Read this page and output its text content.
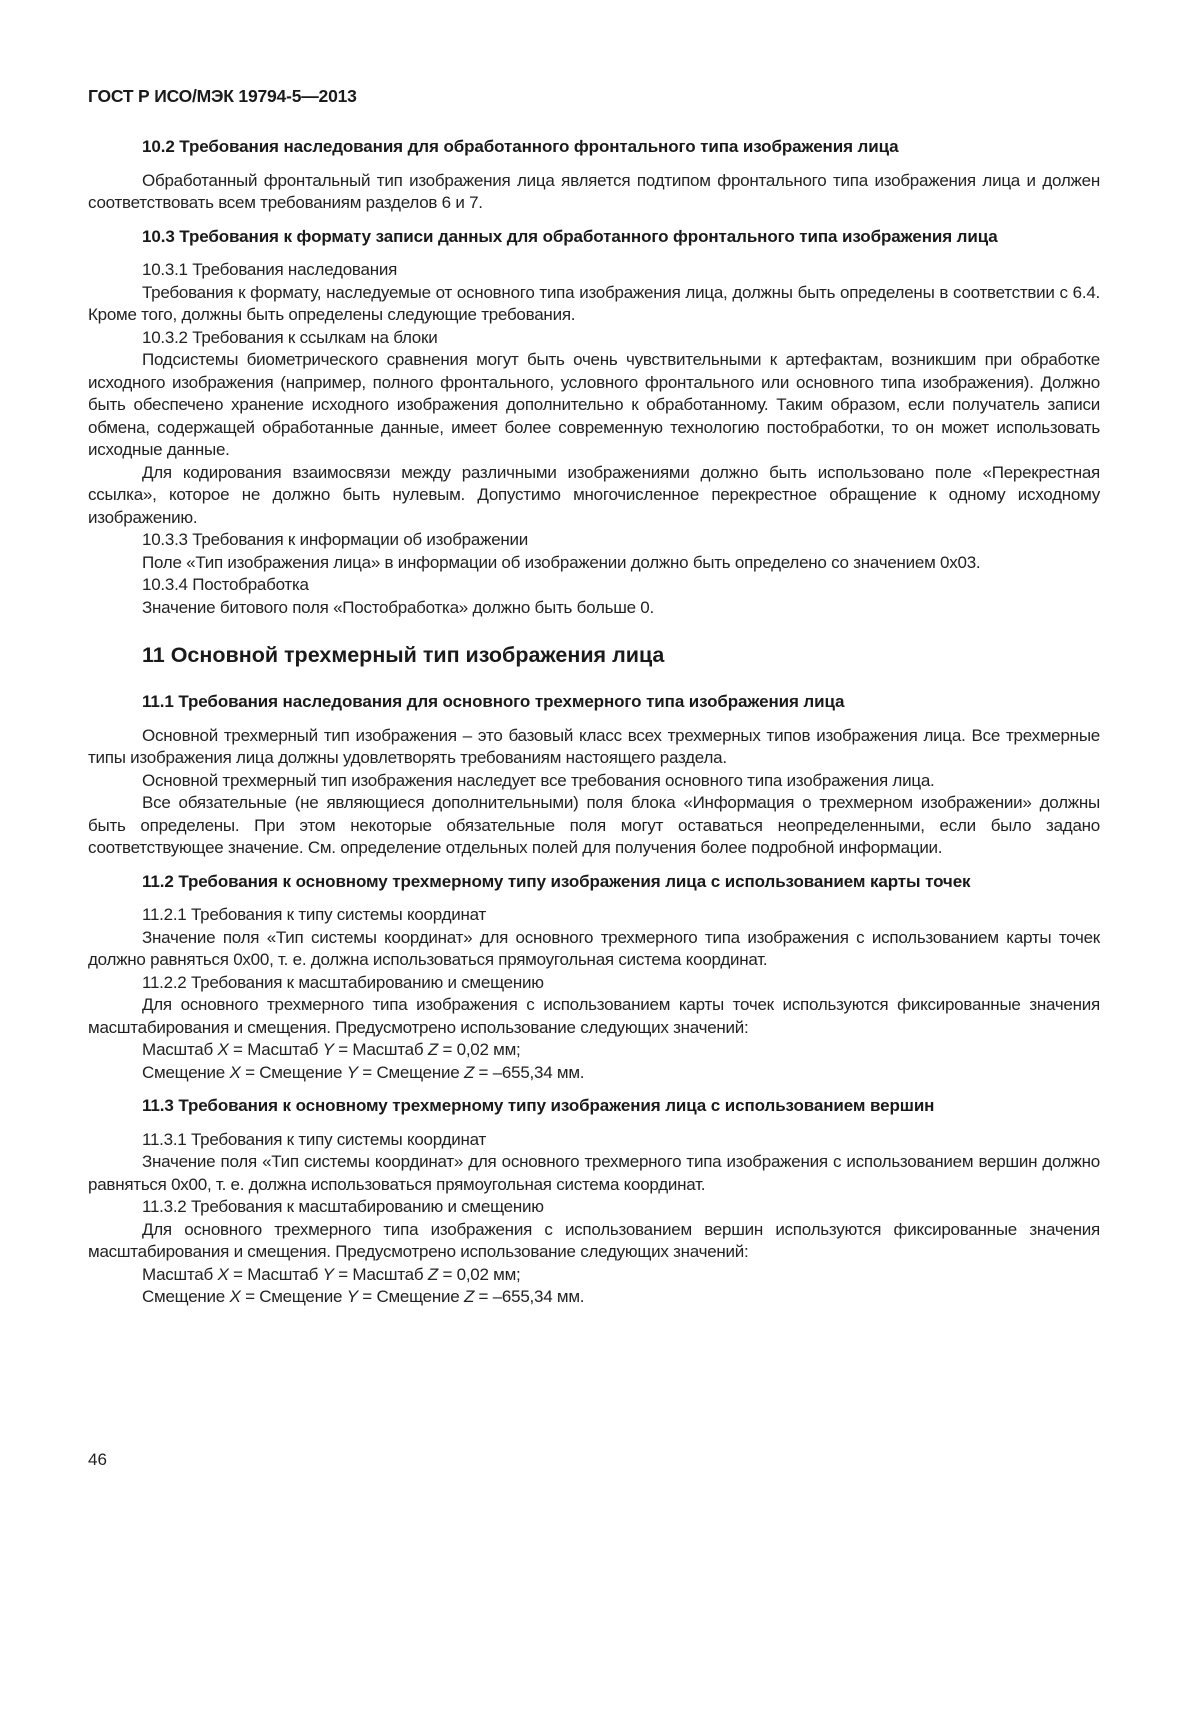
ГОСТ Р ИСО/МЭК 19794-5—2013
10.2 Требования наследования для обработанного фронтального типа изображения лица

Обработанный фронтальный тип изображения лица является подтипом фронтального типа изображения лица и должен соответствовать всем требованиям разделов 6 и 7.

10.3 Требования к формату записи данных для обработанного фронтального типа изображения лица

10.3.1 Требования наследования

Требования к формату, наследуемые от основного типа изображения лица, должны быть определены в соответствии с 6.4. Кроме того, должны быть определены следующие требования.

10.3.2 Требования к ссылкам на блоки

Подсистемы биометрического сравнения могут быть очень чувствительными к артефактам, возникшим при обработке исходного изображения (например, полного фронтального, условного фронтального или основного типа изображения). Должно быть обеспечено хранение исходного изображения дополнительно к обработанному. Таким образом, если получатель записи обмена, содержащей обработанные данные, имеет более современную технологию постобработки, то он может использовать исходные данные.

Для кодирования взаимосвязи между различными изображениями должно быть использовано поле «Перекрестная ссылка», которое не должно быть нулевым. Допустимо многочисленное перекрестное обращение к одному исходному изображению.

10.3.3 Требования к информации об изображении

Поле «Тип изображения лица» в информации об изображении должно быть определено со значением 0x03.

10.3.4 Постобработка

Значение битового поля «Постобработка» должно быть больше 0.

11 Основной трехмерный тип изображения лица
11.1 Требования наследования для основного трехмерного типа изображения лица

Основной трехмерный тип изображения – это базовый класс всех трехмерных типов изображения лица. Все трехмерные типы изображения лица должны удовлетворять требованиям настоящего раздела.

Основной трехмерный тип изображения наследует все требования основного типа изображения лица.

Все обязательные (не являющиеся дополнительными) поля блока «Информация о трехмерном изображении» должны быть определены. При этом некоторые обязательные поля могут оставаться неопределенными, если было задано соответствующее значение. См. определение отдельных полей для получения более подробной информации.

11.2 Требования к основному трехмерному типу изображения лица с использованием карты точек

11.2.1 Требования к типу системы координат

Значение поля «Тип системы координат» для основного трехмерного типа изображения с использованием карты точек должно равняться 0x00, т. е. должна использоваться прямоугольная система координат.

11.2.2 Требования к масштабированию и смещению

Для основного трехмерного типа изображения с использованием карты точек используются фиксированные значения масштабирования и смещения. Предусмотрено использование следующих значений:

Масштаб X = Масштаб Y = Масштаб Z = 0,02 мм;

Смещение X = Смещение Y = Смещение Z = –655,34 мм.

11.3 Требования к основному трехмерному типу изображения лица с использованием вершин

11.3.1 Требования к типу системы координат

Значение поля «Тип системы координат» для основного трехмерного типа изображения с использованием вершин должно равняться 0x00, т. е. должна использоваться прямоугольная система координат.

11.3.2 Требования к масштабированию и смещению

Для основного трехмерного типа изображения с использованием вершин используются фиксированные значения масштабирования и смещения. Предусмотрено использование следующих значений:

Масштаб X = Масштаб Y = Масштаб Z = 0,02 мм;

Смещение X = Смещение Y = Смещение Z = –655,34 мм.

46
